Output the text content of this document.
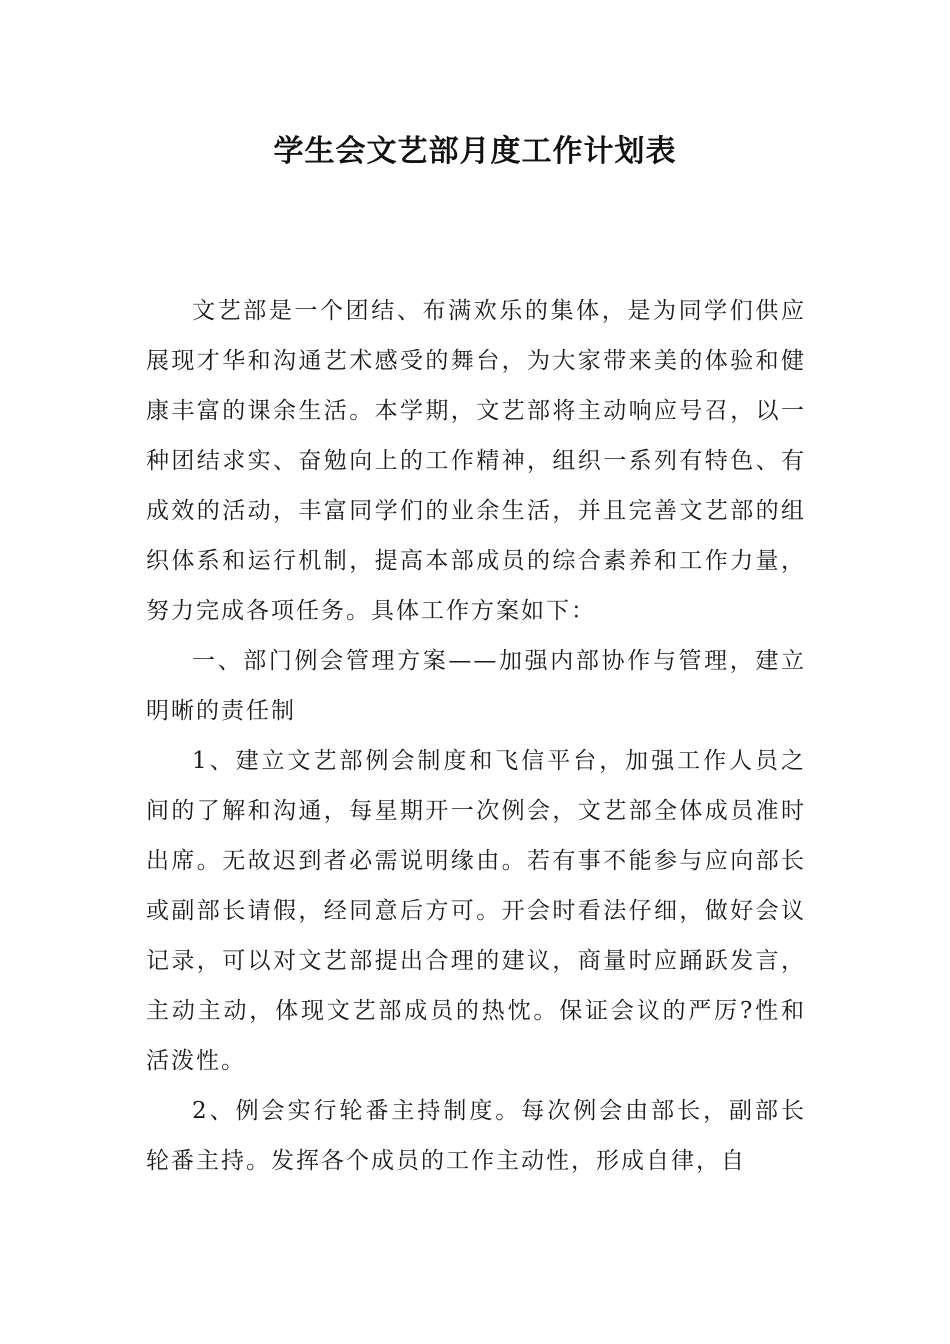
学生会文艺部月度工作计划表

文艺部是一个团结、布满欢乐的集体，是为同学们供应展现才华和沟通艺术感受的舞台，为大家带来美的体验和健康丰富的课余生活。本学期，文艺部将主动响应号召，以一种团结求实、奋勉向上的工作精神，组织一系列有特色、有成效的活动，丰富同学们的业余生活，并且完善文艺部的组织体系和运行机制，提高本部成员的综合素养和工作力量，努力完成各项任务。具体工作方案如下：

一、部门例会管理方案——加强内部协作与管理，建立明晰的责任制

1、建立文艺部例会制度和飞信平台，加强工作人员之间的了解和沟通，每星期开一次例会，文艺部全体成员准时出席。无故迟到者必需说明缘由。若有事不能参与应向部长或副部长请假，经同意后方可。开会时看法仔细，做好会议记录，可以对文艺部提出合理的建议，商量时应踊跃发言，主动主动，体现文艺部成员的热忱。保证会议的严厉?性和活泼性。

2、例会实行轮番主持制度。每次例会由部长，副部长轮番主持。发挥各个成员的工作主动性，形成自律，自
